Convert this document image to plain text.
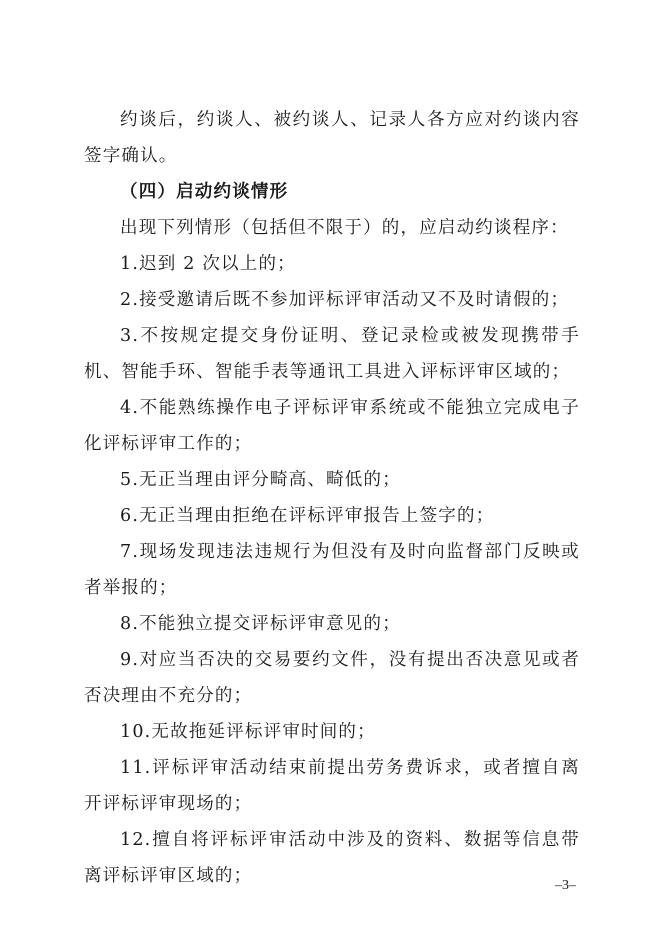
约谈后，约谈人、被约谈人、记录人各方应对约谈内容签字确认。

（四）启动约谈情形

出现下列情形（包括但不限于）的，应启动约谈程序：

1.迟到 2 次以上的；

2.接受邀请后既不参加评标评审活动又不及时请假的；

3.不按规定提交身份证明、登记录检或被发现携带手机、智能手环、智能手表等通讯工具进入评标评审区域的；

4.不能熟练操作电子评标评审系统或不能独立完成电子化评标评审工作的；

5.无正当理由评分畸高、畸低的；

6.无正当理由拒绝在评标评审报告上签字的；

7.现场发现违法违规行为但没有及时向监督部门反映或者举报的；

8.不能独立提交评标评审意见的；

9.对应当否决的交易要约文件，没有提出否决意见或者否决理由不充分的；

10.无故拖延评标评审时间的；

11.评标评审活动结束前提出劳务费诉求，或者擅自离开评标评审现场的；

12.擅自将评标评审活动中涉及的资料、数据等信息带离评标评审区域的；	–3–
